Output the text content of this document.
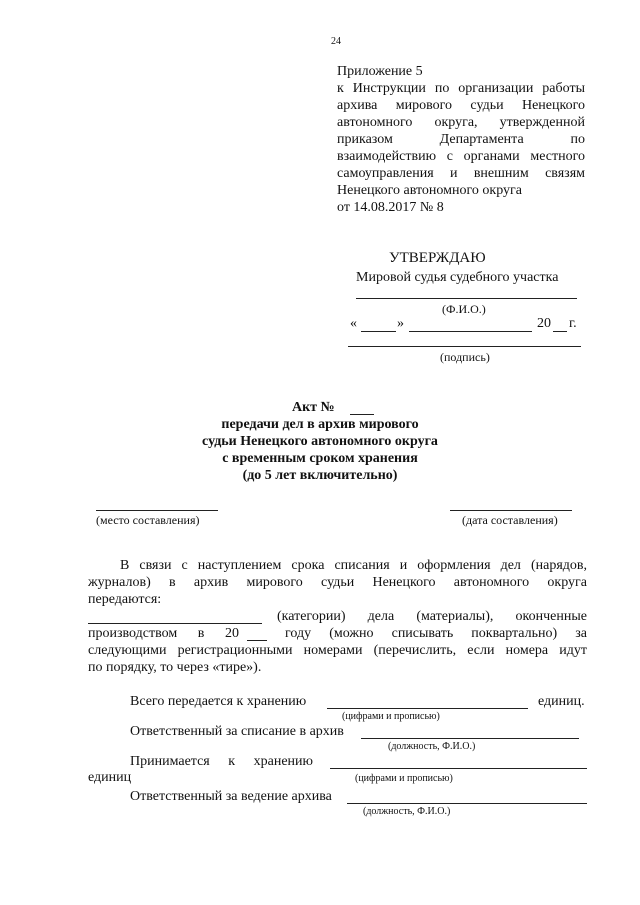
24
Приложение 5
к Инструкции по организации работы
архива мирового судьи Ненецкого
автономного округа, утвержденной
приказом Департамента по
взаимодействию с органами местного
самоуправления и внешним связям
Ненецкого автономного округа
от 14.08.2017 № 8
УТВЕРЖДАЮ
Мировой судья судебного участка
(Ф.И.О.)
«	»	20 г.
(подпись)
Акт №
передачи дел в архив мирового
судьи Ненецкого автономного округа
с временным сроком хранения
(до 5 лет включительно)
(место составления)	(дата составления)
В связи с наступлением срока списания и оформления дел (нарядов,
журналов) в архив мирового судьи Ненецкого автономного округа
передаются:
(категории) дела (материалы), оконченные
производством в 20	году (можно списывать поквартально) за
следующими регистрационными номерами (перечислить, если номера идут
по порядку, то через «тире»).
Всего передается к хранению	единиц.
(цифрами и прописью)
Ответственный за списание в архив
(должность, Ф.И.О.)
Принимается к хранению
единиц	(цифрами и прописью)
Ответственный за ведение архива
(должность, Ф.И.О.)
